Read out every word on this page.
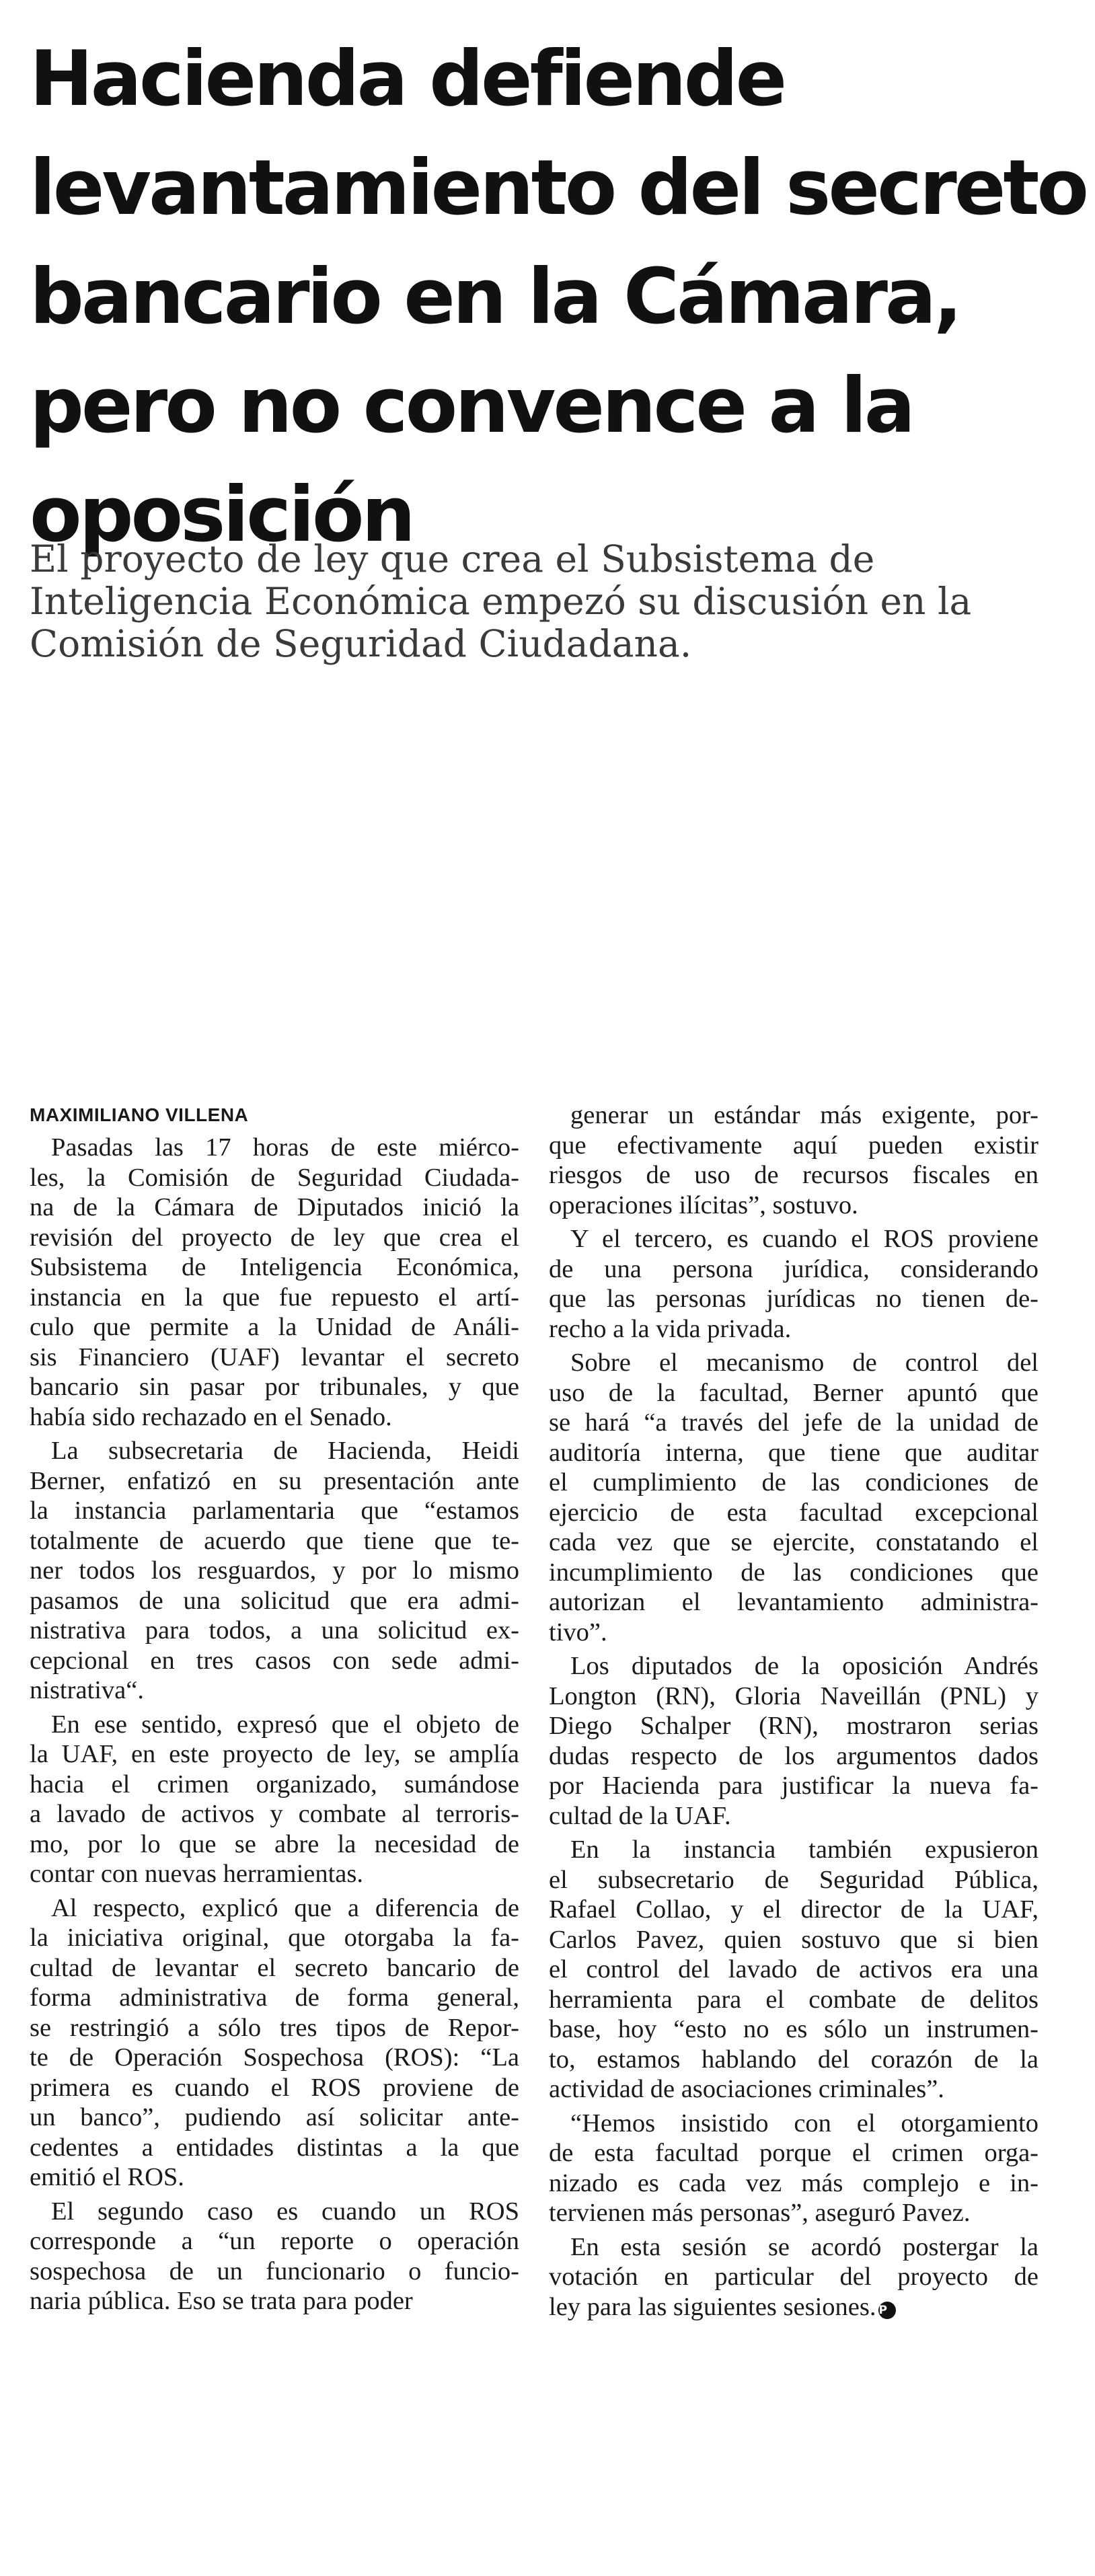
Hacienda defiende
levantamiento del secreto
bancario en la Cámara,
pero no convence a la
oposición

El proyecto de ley que crea el Subsistema de
Inteligencia Económica empezó su discusión en la
Comisión de Seguridad Ciudadana.

MAXIMILIANO VILLENA

Pasadas las 17 horas de este miérco-
les, la Comisión de Seguridad Ciudada-
na de la Cámara de Diputados inició la
revisión del proyecto de ley que crea el
Subsistema de Inteligencia Económica,
instancia en la que fue repuesto el artí-
culo que permite a la Unidad de Análi-
sis Financiero (UAF) levantar el secreto
bancario sin pasar por tribunales, y que
había sido rechazado en el Senado.

La subsecretaria de Hacienda, Heidi
Berner, enfatizó en su presentación ante
la instancia parlamentaria que “estamos
totalmente de acuerdo que tiene que te-
ner todos los resguardos, y por lo mismo
pasamos de una solicitud que era admi-
nistrativa para todos, a una solicitud ex-
cepcional en tres casos con sede admi-
nistrativa“.

En ese sentido, expresó que el objeto de
la UAF, en este proyecto de ley, se amplía
hacia el crimen organizado, sumándose
a lavado de activos y combate al terroris-
mo, por lo que se abre la necesidad de
contar con nuevas herramientas.

Al respecto, explicó que a diferencia de
la iniciativa original, que otorgaba la fa-
cultad de levantar el secreto bancario de
forma administrativa de forma general,
se restringió a sólo tres tipos de Repor-
te de Operación Sospechosa (ROS): “La
primera es cuando el ROS proviene de
un banco”, pudiendo así solicitar ante-
cedentes a entidades distintas a la que
emitió el ROS.

El segundo caso es cuando un ROS
corresponde a “un reporte o operación
sospechosa de un funcionario o funcio-
naria pública. Eso se trata para poder

generar un estándar más exigente, por-
que efectivamente aquí pueden existir
riesgos de uso de recursos fiscales en
operaciones ilícitas”, sostuvo.

Y el tercero, es cuando el ROS proviene
de una persona jurídica, considerando
que las personas jurídicas no tienen de-
recho a la vida privada.

Sobre el mecanismo de control del
uso de la facultad, Berner apuntó que
se hará “a través del jefe de la unidad de
auditoría interna, que tiene que auditar
el cumplimiento de las condiciones de
ejercicio de esta facultad excepcional
cada vez que se ejercite, constatando el
incumplimiento de las condiciones que
autorizan el levantamiento administra-
tivo”.

Los diputados de la oposición Andrés
Longton (RN), Gloria Naveillán (PNL) y
Diego Schalper (RN), mostraron serias
dudas respecto de los argumentos dados
por Hacienda para justificar la nueva fa-
cultad de la UAF.

En la instancia también expusieron
el subsecretario de Seguridad Pública,
Rafael Collao, y el director de la UAF,
Carlos Pavez, quien sostuvo que si bien
el control del lavado de activos era una
herramienta para el combate de delitos
base, hoy “esto no es sólo un instrumen-
to, estamos hablando del corazón de la
actividad de asociaciones criminales”.

“Hemos insistido con el otorgamiento
de esta facultad porque el crimen orga-
nizado es cada vez más complejo e in-
tervienen más personas”, aseguró Pavez.

En esta sesión se acordó postergar la
votación en particular del proyecto de
ley para las siguientes sesiones. P
